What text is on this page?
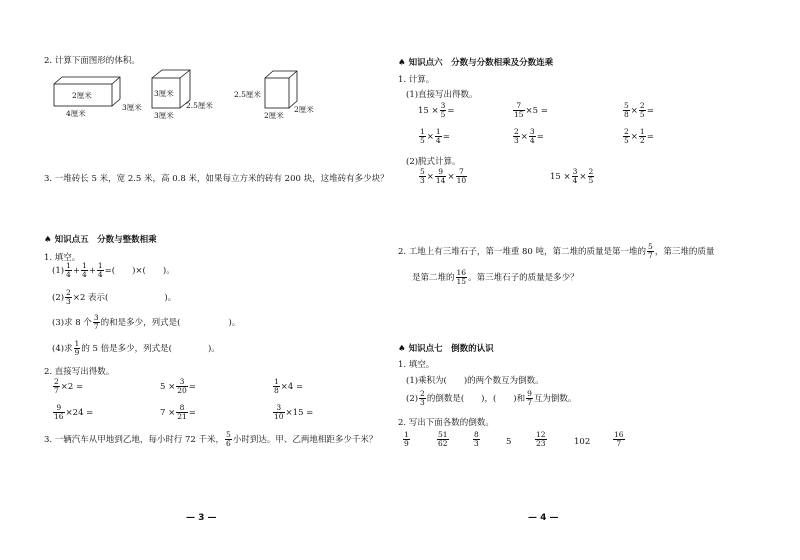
2. 计算下面图形的体积。
2厘米
4厘米
3厘米
3厘米
3厘米
2.5厘米
2.5厘米
2厘米
2厘米
3. 一堆砖长 5 米，宽 2.5 米，高 0.8 米，如果每立方米的砖有 200 块，这堆砖有多少块？
♠ 知识点五　分数与整数相乘
1. 填空。
$(1) \frac{1}{4} + \frac{1}{4} + \frac{1}{4}$ =(　　)×(　　)。
$(2) \frac{2}{3} \times 2$ 表示(	)。
(3)求 8 个 $\frac{3}{7}$ 的和是多少，列式是(	)。
(4)求 $\frac{1}{9}$ 的 5 倍是多少，列式是(	)。
2. 直接写出得数。
$\frac{2}{7} \times 2$ =	$5 \times \frac{3}{20}$ =	$\frac{1}{8} \times 4$ =
$\frac{9}{16} \times 24$ =	$7 \times \frac{8}{21}$ =	$\frac{3}{10} \times 15$ =
3. 一辆汽车从甲地到乙地，每小时行 72 千米， $\frac{5}{6}$ 小时到达。甲、乙两地相距多少千米？
— 3 —
♠ 知识点六　分数与分数相乘及分数连乘
1. 计算。
(1)直接写出得数。
$15 \times \frac{3}{5}$ =	$\frac{7}{15} \times 5$ =	$\frac{5}{8} \times \frac{2}{5}$ =
$\frac{1}{5} \times \frac{1}{4}$ =	$\frac{2}{3} \times \frac{3}{4}$ =	$\frac{2}{5} \times \frac{1}{2}$ =
(2)脱式计算。
$\frac{5}{3} \times \frac{9}{14} \times \frac{7}{10}$	$15 \times \frac{3}{4} \times \frac{2}{5}$
2. 工地上有三堆石子，第一堆重 80 吨，第二堆的质量是第一堆的 $\frac{5}{7}$ ，第三堆的质量
是第二堆的 $\frac{16}{15}$ 。第三堆石子的质量是多少？
♠ 知识点七　倒数的认识
1. 填空。
(1)乘积为(　　)的两个数互为倒数。
$(2) \frac{2}{3}$ 的倒数是(　　)，(　　)和 $\frac{9}{7}$ 互为倒数。
2. 写出下面各数的倒数。
$\frac{1}{9}$	$\frac{51}{62}$	$\frac{8}{3}$	5	$\frac{12}{23}$	102	$\frac{16}{7}$
— 4 —
